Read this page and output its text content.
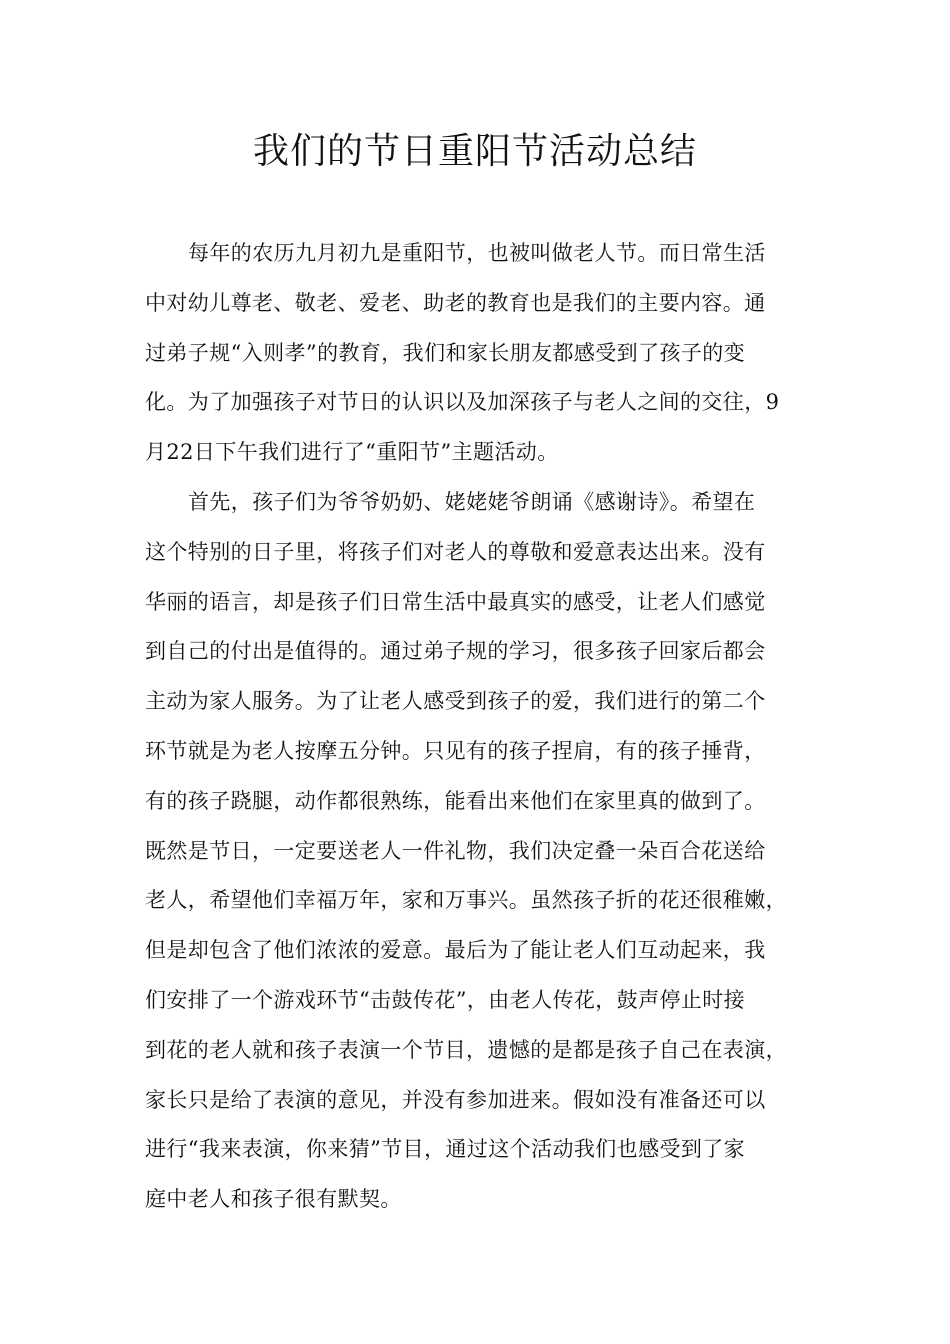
我们的节日重阳节活动总结
每年的农历九月初九是重阳节，也被叫做老人节。而日常生活
中对幼儿尊老、敬老、爱老、助老的教育也是我们的主要内容。通
过弟子规“入则孝”的教育，我们和家长朋友都感受到了孩子的变
化。为了加强孩子对节日的认识以及加深孩子与老人之间的交往，9
月22日下午我们进行了“重阳节”主题活动。
首先，孩子们为爷爷奶奶、姥姥姥爷朗诵《感谢诗》。希望在
这个特别的日子里，将孩子们对老人的尊敬和爱意表达出来。没有
华丽的语言，却是孩子们日常生活中最真实的感受，让老人们感觉
到自己的付出是值得的。通过弟子规的学习，很多孩子回家后都会
主动为家人服务。为了让老人感受到孩子的爱，我们进行的第二个
环节就是为老人按摩五分钟。只见有的孩子捏肩，有的孩子捶背，
有的孩子跷腿，动作都很熟练，能看出来他们在家里真的做到了。
既然是节日，一定要送老人一件礼物，我们决定叠一朵百合花送给
老人，希望他们幸福万年，家和万事兴。虽然孩子折的花还很稚嫩，
但是却包含了他们浓浓的爱意。最后为了能让老人们互动起来，我
们安排了一个游戏环节“击鼓传花”，由老人传花，鼓声停止时接
到花的老人就和孩子表演一个节目，遗憾的是都是孩子自己在表演，
家长只是给了表演的意见，并没有参加进来。假如没有准备还可以
进行“我来表演，你来猜”节目，通过这个活动我们也感受到了家
庭中老人和孩子很有默契。
